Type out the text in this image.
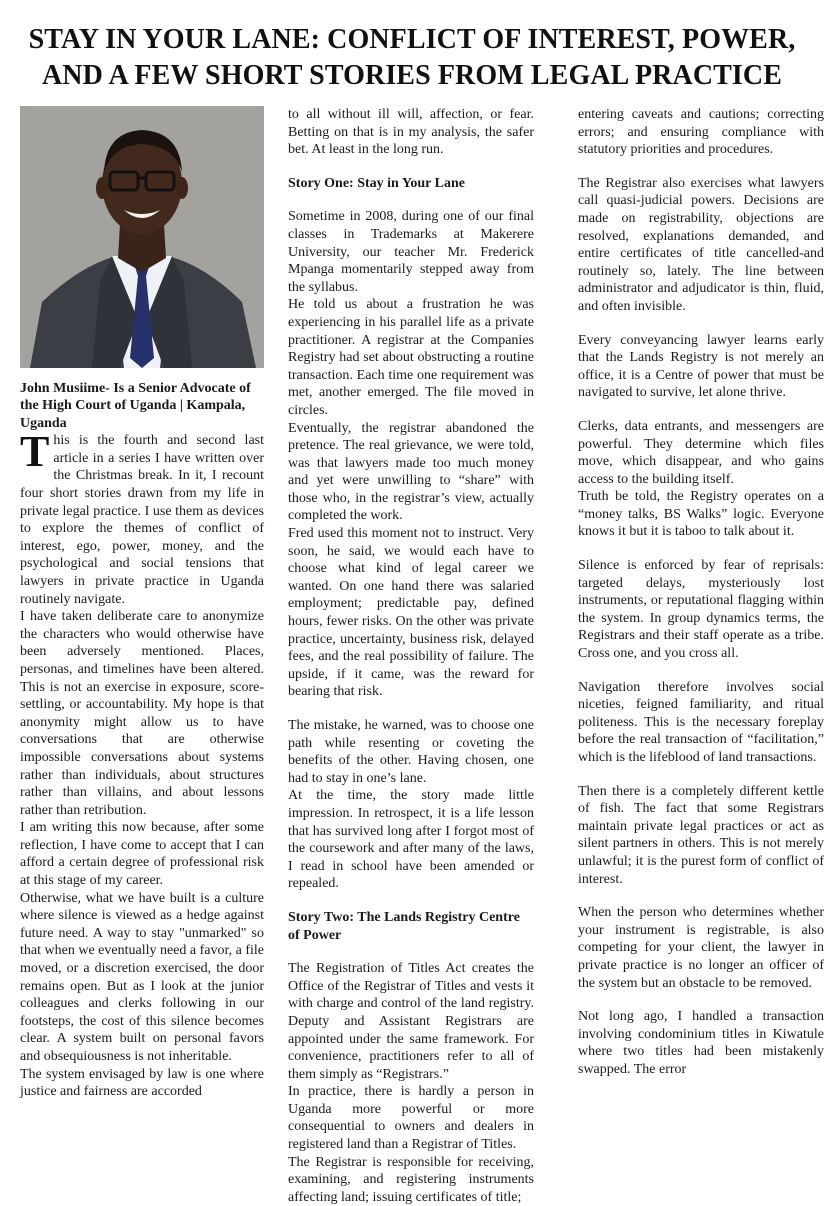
STAY IN YOUR LANE: CONFLICT OF INTEREST, POWER,
AND A FEW SHORT STORIES FROM LEGAL PRACTICE
John Musiime- Is a Senior Advocate of the High Court of Uganda | Kampala, Uganda

This is the fourth and second last article in a series I have written over the Christmas break. In it, I recount four short stories drawn from my life in private legal practice. I use them as devices to explore the themes of conflict of interest, ego, power, money, and the psychological and social tensions that lawyers in private practice in Uganda routinely navigate.

I have taken deliberate care to anonymize the characters who would otherwise have been adversely mentioned. Places, personas, and timelines have been altered. This is not an exercise in exposure, score-settling, or accountability. My hope is that anonymity might allow us to have conversations that are otherwise impossible conversations about systems rather than individuals, about structures rather than villains, and about lessons rather than retribution.

I am writing this now because, after some reflection, I have come to accept that I can afford a certain degree of professional risk at this stage of my career.

Otherwise, what we have built is a culture where silence is viewed as a hedge against future need. A way to stay "unmarked" so that when we eventually need a favor, a file moved, or a discretion exercised, the door remains open. But as I look at the junior colleagues and clerks following in our footsteps, the cost of this silence becomes clear. A system built on personal favors and obsequiousness is not inheritable.

The system envisaged by law is one where justice and fairness are accorded

to all without ill will, affection, or fear. Betting on that is in my analysis, the safer bet. At least in the long run.

Story One: Stay in Your Lane

Sometime in 2008, during one of our final classes in Trademarks at Makerere University, our teacher Mr. Frederick Mpanga momentarily stepped away from the syllabus.

He told us about a frustration he was experiencing in his parallel life as a private practitioner. A registrar at the Companies Registry had set about obstructing a routine transaction. Each time one requirement was met, another emerged. The file moved in circles.

Eventually, the registrar abandoned the pretence. The real grievance, we were told, was that lawyers made too much money and yet were unwilling to “share” with those who, in the registrar’s view, actually completed the work.

Fred used this moment not to instruct. Very soon, he said, we would each have to choose what kind of legal career we wanted. On one hand there was salaried employment; predictable pay, defined hours, fewer risks. On the other was private practice, uncertainty, business risk, delayed fees, and the real possibility of failure. The upside, if it came, was the reward for bearing that risk.

The mistake, he warned, was to choose one path while resenting or coveting the benefits of the other. Having chosen, one had to stay in one’s lane.

At the time, the story made little impression. In retrospect, it is a life lesson that has survived long after I forgot most of the coursework and after many of the laws, I read in school have been amended or repealed.

Story Two: The Lands Registry Centre of Power

The Registration of Titles Act creates the Office of the Registrar of Titles and vests it with charge and control of the land registry. Deputy and Assistant Registrars are appointed under the same framework. For convenience, practitioners refer to all of them simply as “Registrars.”

In practice, there is hardly a person in Uganda more powerful or more consequential to owners and dealers in registered land than a Registrar of Titles.

The Registrar is responsible for receiving, examining, and registering instruments affecting land; issuing certificates of title;

entering caveats and cautions; correcting errors; and ensuring compliance with statutory priorities and procedures.

The Registrar also exercises what lawyers call quasi-judicial powers. Decisions are made on registrability, objections are resolved, explanations demanded, and entire certificates of title cancelled-and routinely so, lately. The line between administrator and adjudicator is thin, fluid, and often invisible.

Every conveyancing lawyer learns early that the Lands Registry is not merely an office, it is a Centre of power that must be navigated to survive, let alone thrive.

Clerks, data entrants, and messengers are powerful. They determine which files move, which disappear, and who gains access to the building itself.

Truth be told, the Registry operates on a “money talks, BS Walks” logic. Everyone knows it but it is taboo to talk about it.

Silence is enforced by fear of reprisals: targeted delays, mysteriously lost instruments, or reputational flagging within the system. In group dynamics terms, the Registrars and their staff operate as a tribe. Cross one, and you cross all.

Navigation therefore involves social niceties, feigned familiarity, and ritual politeness. This is the necessary foreplay before the real transaction of “facilitation,” which is the lifeblood of land transactions.

Then there is a completely different kettle of fish. The fact that some Registrars maintain private legal practices or act as silent partners in others. This is not merely unlawful; it is the purest form of conflict of interest.

When the person who determines whether your instrument is registrable, is also competing for your client, the lawyer in private practice is no longer an officer of the system but an obstacle to be removed.

Not long ago, I handled a transaction involving condominium titles in Kiwatule where two titles had been mistakenly swapped. The error
